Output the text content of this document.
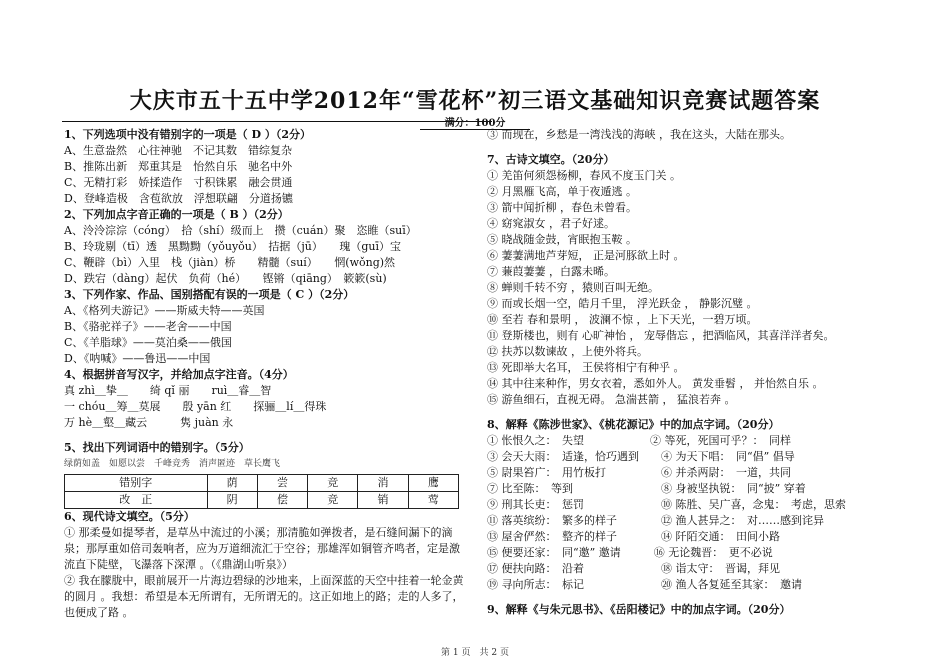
大庆市五十五中学2012年“雪花杯”初三语文基础知识竞赛试题答案
满分：100分
1、下列选项中没有错别字的一项是（ D ）（2分）
A、生意盎然　心往神驰　不记其数　错综复杂
B、推陈出新　郑重其是　怡然自乐　驰名中外
C、无精打彩　娇揉造作　寸积铢累　融会贯通
D、登峰造极　含苞欲放　浮想联翩　分道扬镳
2、下列加点字音正确的一项是（ B ）（2分）
A、泠泠淙淙（cóng）　拾（shí）级而上　攒（cuán）聚　恣睢（suī）
B、玲珑剔（tī）透　黑黝黝（yǒuyǒu）　拮据（jū）　　瑰（guī）宝
C、鞭辟（bì）入里　栈（jiàn）桥　　精髓（suí）　　惘(wǒng)然
D、跌宕（dàng）起伏　负荷（hé）　　铿锵（qiāng）　簌簌(sù)
3、下列作家、作品、国别搭配有误的一项是（ C ）（2分）
A、《格列夫游记》——斯威夫特——英国
B、《骆驼祥子》——老舍——中国
C、《羊脂球》——莫泊桑——俄国
D、《呐喊》——鲁迅——中国
4、根据拼音写汉字，并给加点字注音。（4分）
真 zhì＿挚＿　　绮 qǐ 丽　　ruì＿睿＿智
一 chóu＿筹＿莫展　　殷 yān 红　　探骊＿lí＿得珠
万 hè＿壑＿藏云　　　隽 juàn 永
5、找出下列词语中的错别字。（5分）
绿荫如盖　如愿以尝　千峰竞秀　消声匿迹　草长鹰飞
错别字	荫	尝	竞	消	鹰
改　正	阴	偿	竞	销	莺
6、现代诗文填空。（5分）
① 那柔曼如提琴者，是草丛中流过的小溪；那清脆如弹拨者，是石缝间漏下的滴泉；那厚重如倍司轰响者，应为万道细流汇于空谷；那雄浑如铜管齐鸣者，定是激流直下陡壁，飞瀑落下深潭 。（《鼎湖山听泉》）
② 我在朦胧中，眼前展开一片海边碧绿的沙地来，上面深蓝的天空中挂着一轮金黄的圆月 。我想：希望是本无所谓有，无所谓无的。这正如地上的路；走的人多了，也便成了路 。
③ 而现在，乡愁是一湾浅浅的海峡 ，我在这头，大陆在那头。
7、古诗文填空。（20分）
① 羌笛何须怨杨柳，春风不度玉门关 。
② 月黑雁飞高，单于夜遁逃 。
③ 箭中闻折柳 ，春色未曾看。
④ 窈窕淑女 ，君子好逑。
⑤ 晓战随金鼓，宵眠抱玉鞍 。
⑥ 萋萋满地芦芽短， 正是河豚欲上时 。
⑦ 蒹葭萋萋 ，白露未晞。
⑧ 蝉则千转不穷 ，猿则百叫无绝。
⑨ 而或长烟一空，皓月千里， 浮光跃金 ， 静影沉璧 。
⑩ 至若 春和景明 ， 波澜不惊 ，上下天光，一碧万顷。
⑪ 登斯楼也，则有 心旷神怡 ， 宠辱偕忘 ，把酒临风，其喜洋洋者矣。
⑫ 扶苏以数谏故 ，上使外将兵。
⑬ 死即举大名耳， 王侯将相宁有种乎 。
⑭ 其中往来种作，男女衣着，悉如外人。 黄发垂髫 ， 并怡然自乐 。
⑮ 游鱼细石，直视无碍。 急湍甚箭 ， 猛浪若奔 。
8、解释《陈涉世家》、《桃花源记》中的加点字词。（20分）
① 怅恨久之：　失望　　　　　　② 等死，死国可乎？：　同样
③ 会天大雨：　适逢，恰巧遇到　　④ 为天下唱：　同“倡” 倡导
⑤ 尉果笞广：　用竹板打　　　　　⑥ 并杀两尉：　一道，共同
⑦ 比至陈：　等到　　　　　　　　⑧ 身被坚执锐：　同“披” 穿着
⑨ 刑其长吏：　惩罚　　　　　　　⑩ 陈胜、吴广喜，念鬼：　考虑，思索
⑪ 落英缤纷：　繁多的样子　　　　⑫ 渔人甚异之：　对……感到诧异
⑬ 屋舍俨然：　整齐的样子　　　　⑭ 阡陌交通：　田间小路
⑮ 便要还家：　同“邀” 邀请　　　⑯ 无论魏晋：　更不必说
⑰ 便扶向路：　沿着　　　　　　　⑱ 诣太守：　晋谒，拜见
⑲ 寻向所志：　标记　　　　　　　⑳ 渔人各复延至其家：　邀请
9、解释《与朱元思书》、《岳阳楼记》中的加点字词。（20分）
第 1 页　共 2 页
